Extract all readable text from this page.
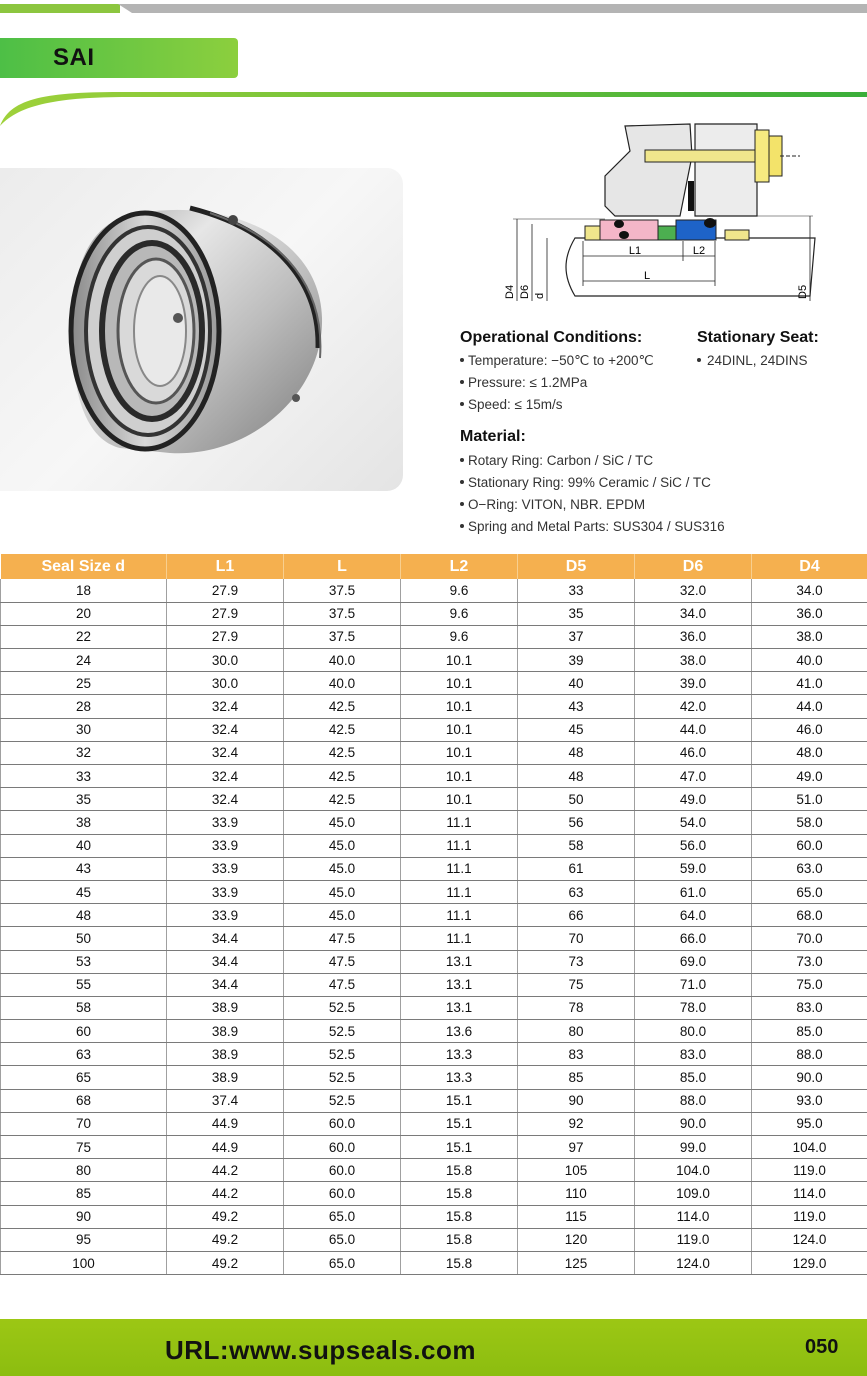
SAI
L1	L2
L
D4 D6 d	D5
Operational Conditions:
Temperature: −50℃ to +200℃
Pressure: ≤ 1.2MPa
Speed: ≤ 15m/s
Stationary Seat:
24DINL, 24DINS
Material:
Rotary Ring: Carbon / SiC / TC
Stationary Ring: 99% Ceramic / SiC / TC
O−Ring: VITON, NBR. EPDM
Spring and Metal Parts: SUS304 / SUS316
Seal Size d	L1	L	L2	D5	D6	D4
18	27.9	37.5	9.6	33	32.0	34.0
20	27.9	37.5	9.6	35	34.0	36.0
22	27.9	37.5	9.6	37	36.0	38.0
24	30.0	40.0	10.1	39	38.0	40.0
25	30.0	40.0	10.1	40	39.0	41.0
28	32.4	42.5	10.1	43	42.0	44.0
30	32.4	42.5	10.1	45	44.0	46.0
32	32.4	42.5	10.1	48	46.0	48.0
33	32.4	42.5	10.1	48	47.0	49.0
35	32.4	42.5	10.1	50	49.0	51.0
38	33.9	45.0	11.1	56	54.0	58.0
40	33.9	45.0	11.1	58	56.0	60.0
43	33.9	45.0	11.1	61	59.0	63.0
45	33.9	45.0	11.1	63	61.0	65.0
48	33.9	45.0	11.1	66	64.0	68.0
50	34.4	47.5	11.1	70	66.0	70.0
53	34.4	47.5	13.1	73	69.0	73.0
55	34.4	47.5	13.1	75	71.0	75.0
58	38.9	52.5	13.1	78	78.0	83.0
60	38.9	52.5	13.6	80	80.0	85.0
63	38.9	52.5	13.3	83	83.0	88.0
65	38.9	52.5	13.3	85	85.0	90.0
68	37.4	52.5	15.1	90	88.0	93.0
70	44.9	60.0	15.1	92	90.0	95.0
75	44.9	60.0	15.1	97	99.0	104.0
80	44.2	60.0	15.8	105	104.0	119.0
85	44.2	60.0	15.8	110	109.0	114.0
90	49.2	65.0	15.8	115	114.0	119.0
95	49.2	65.0	15.8	120	119.0	124.0
100	49.2	65.0	15.8	125	124.0	129.0
URL:www.supseals.com	050
